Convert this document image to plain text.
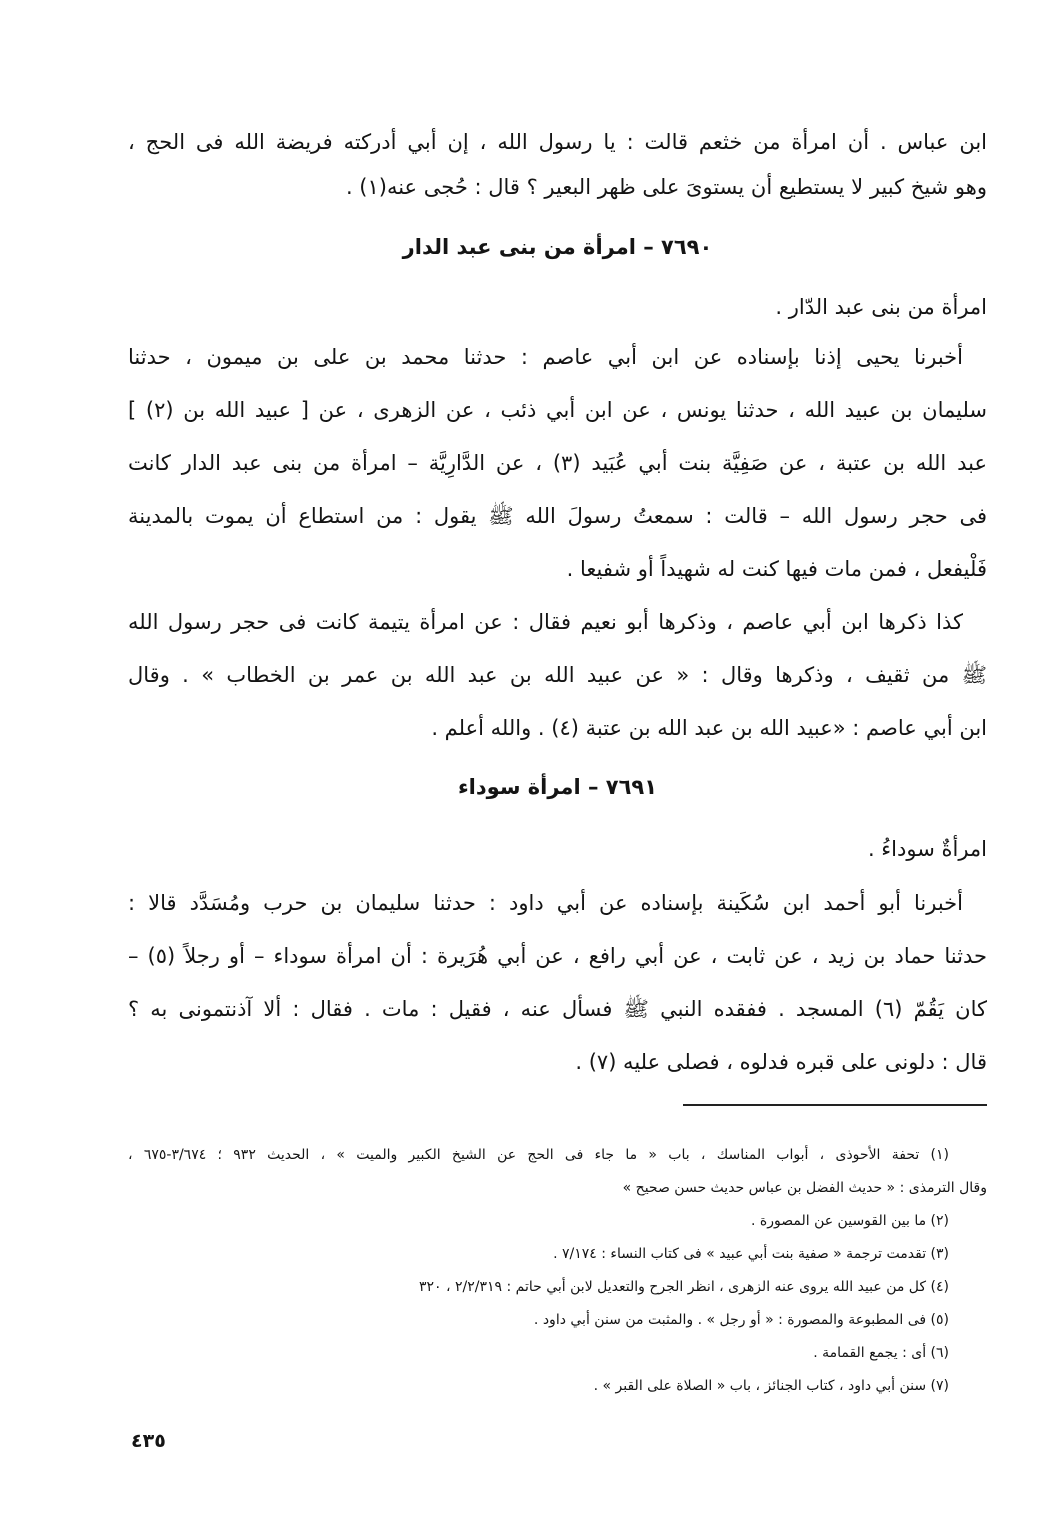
ابن عباس . أن امرأة من خثعم قالت : يا رسول الله ، إن أبي أدركته فريضة الله فى الحج ،
وهو شيخ كبير لا يستطيع أن يستوىَ على ظهر البعير ؟ قال : حُجى عنه(١) .
٧٦٩٠ – امرأة من بنى عبد الدار
امرأة من بنى عبد الدّار .
أخبرنا يحيى إذنا بإسناده عن ابن أبي عاصم : حدثنا محمد بن على بن ميمون ، حدثنا
سليمان بن عبيد الله ، حدثنا يونس ، عن ابن أبي ذئب ، عن الزهرى ، عن [ عبيد الله بن (٢) ]
عبد الله بن عتبة ، عن صَفِيَّة بنت أبي عُبَيد (٣) ، عن الدَّارِيَّة – امرأة من بنى عبد الدار كانت
فى حجر رسول الله – قالت : سمعتُ رسولَ الله ﷺ يقول : من استطاع أن يموت بالمدينة
فَلْيفعل ، فمن مات فيها كنت له شهيداً أو شفيعا .
كذا ذكرها ابن أبي عاصم ، وذكرها أبو نعيم فقال : عن امرأة يتيمة كانت فى حجر رسول الله
ﷺ من ثقيف ، وذكرها وقال : « عن عبيد الله بن عبد الله بن عمر بن الخطاب » . وقال
ابن أبي عاصم : «عبيد الله بن عبد الله بن عتبة (٤) . والله أعلم .
٧٦٩١ – امرأة سوداء
امرأةٌ سوداءُ .
أخبرنا أبو أحمد ابن سُكَينة بإسناده عن أبي داود : حدثنا سليمان بن حرب ومُسَدَّد قالا :
حدثنا حماد بن زيد ، عن ثابت ، عن أبي رافع ، عن أبي هُرَيرة : أن امرأة سوداء – أو رجلاً (٥) –
كان يَقُمّ (٦) المسجد . ففقده النبي ﷺ فسأل عنه ، فقيل : مات . فقال : ألا آذنتمونى به ؟
قال : دلونى على قبره فدلوه ، فصلى عليه (٧) .
(١) تحفة الأحوذى ، أبواب المناسك ، باب « ما جاء فى الحج عن الشيخ الكبير والميت » ، الحديث ٩٣٢ ؛ ٣/٦٧٤-٦٧٥ ،
وقال الترمذى : « حديث الفضل بن عباس حديث حسن صحيح »
(٢) ما بين القوسين عن المصورة .
(٣) تقدمت ترجمة « صفية بنت أبي عبيد » فى كتاب النساء : ٧/١٧٤ .
(٤) كل من عبيد الله يروى عنه الزهرى ، انظر الجرح والتعديل لابن أبي حاتم : ٢/٢/٣١٩ ، ٣٢٠
(٥) فى المطبوعة والمصورة : « أو رجل » . والمثبت من سنن أبي داود .
(٦) أى : يجمع القمامة .
(٧) سنن أبي داود ، كتاب الجنائز ، باب « الصلاة على القبر » .
٤٣٥
